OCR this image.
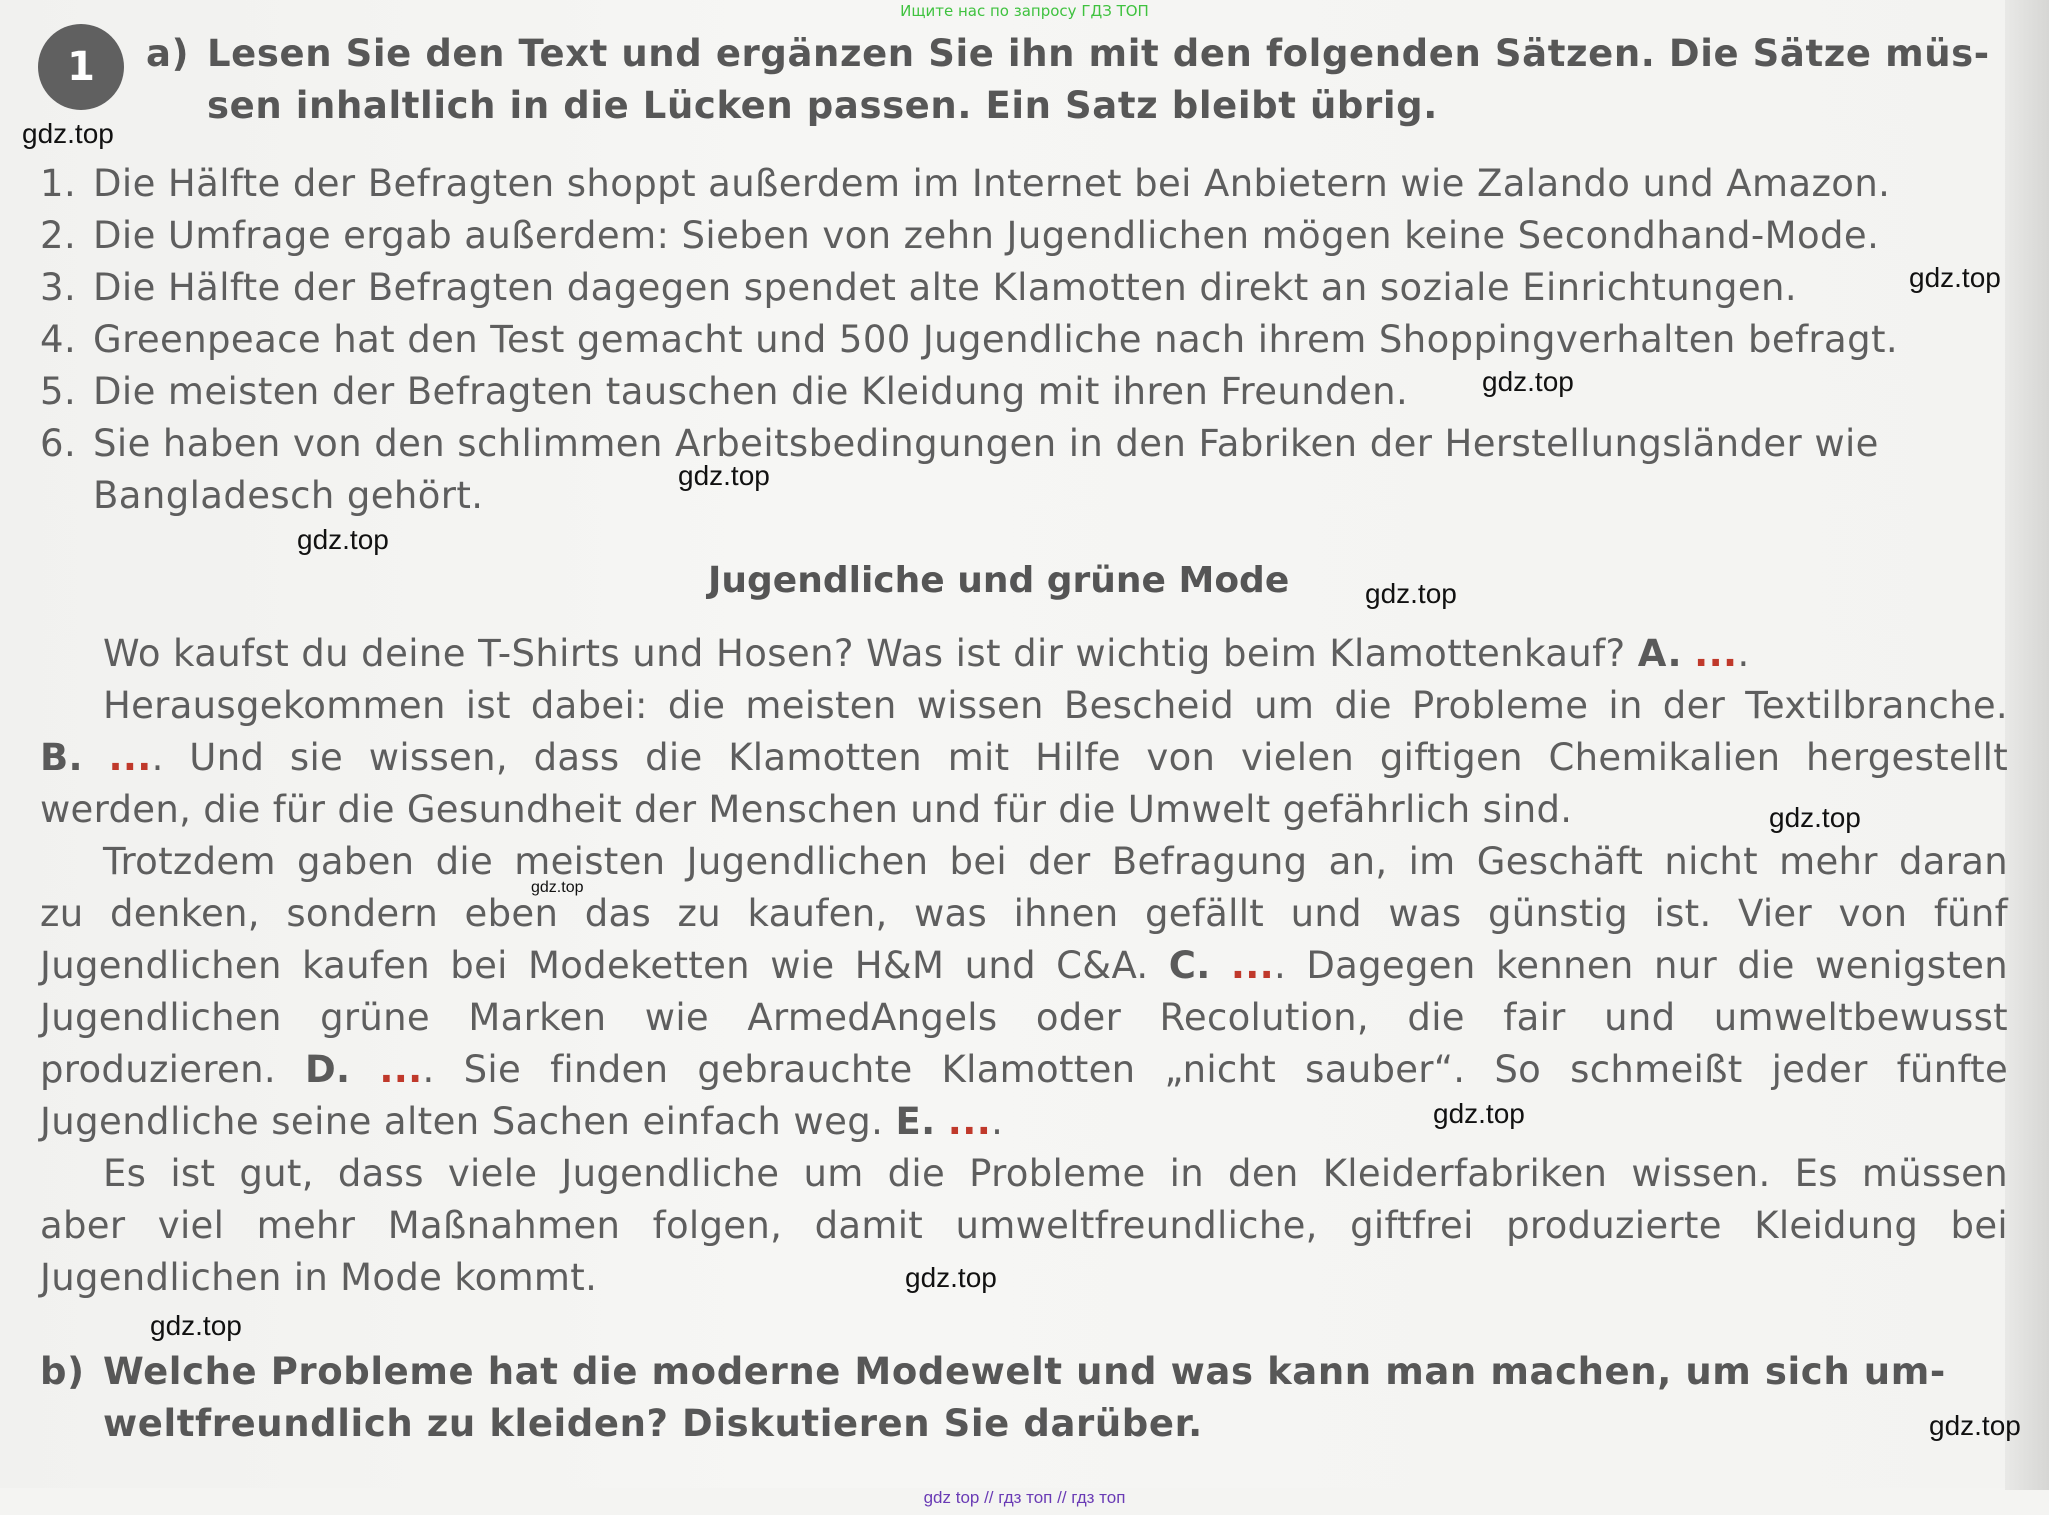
Ищите нас по запросу ГДЗ ТОП
1	a) Lesen Sie den Text und ergänzen Sie ihn mit den folgenden Sätzen. Die Sätze müs-
sen inhaltlich in die Lücken passen. Ein Satz bleibt übrig.
1. Die Hälfte der Befragten shoppt außerdem im Internet bei Anbietern wie Zalando und Amazon.
2. Die Umfrage ergab außerdem: Sieben von zehn Jugendlichen mögen keine Secondhand-Mode.
3. Die Hälfte der Befragten dagegen spendet alte Klamotten direkt an soziale Einrichtungen.
4. Greenpeace hat den Test gemacht und 500 Jugendliche nach ihrem Shoppingverhalten befragt.
5. Die meisten der Befragten tauschen die Kleidung mit ihren Freunden.
6. Sie haben von den schlimmen Arbeitsbedingungen in den Fabriken der Herstellungsländer wie
Bangladesch gehört.
Jugendliche und grüne Mode
Wo kaufst du deine T-Shirts und Hosen? Was ist dir wichtig beim Klamottenkauf? A. ....
Herausgekommen ist dabei: die meisten wissen Bescheid um die Probleme in der Textilbranche.
B. .... Und sie wissen, dass die Klamotten mit Hilfe von vielen giftigen Chemikalien hergestellt
werden, die für die Gesundheit der Menschen und für die Umwelt gefährlich sind.
Trotzdem gaben die meisten Jugendlichen bei der Befragung an, im Geschäft nicht mehr daran
zu denken, sondern eben das zu kaufen, was ihnen gefällt und was günstig ist. Vier von fünf
Jugendlichen kaufen bei Modeketten wie H&M und C&A. C. .... Dagegen kennen nur die wenigsten
Jugendlichen grüne Marken wie ArmedAngels oder Recolution, die fair und umweltbewusst
produzieren. D. .... Sie finden gebrauchte Klamotten „nicht sauber“. So schmeißt jeder fünfte
Jugendliche seine alten Sachen einfach weg. E. ....
Es ist gut, dass viele Jugendliche um die Probleme in den Kleiderfabriken wissen. Es müssen
aber viel mehr Maßnahmen folgen, damit umweltfreundliche, giftfrei produzierte Kleidung bei
Jugendlichen in Mode kommt.
b) Welche Probleme hat die moderne Modewelt und was kann man machen, um sich um-
weltfreundlich zu kleiden? Diskutieren Sie darüber.
gdz.top
gdz.top
gdz.top
gdz.top
gdz.top
gdz.top
gdz.top
gdz.top
gdz.top
gdz.top
gdz.top
gdz.top
gdz top // гдз топ // гдз топ
